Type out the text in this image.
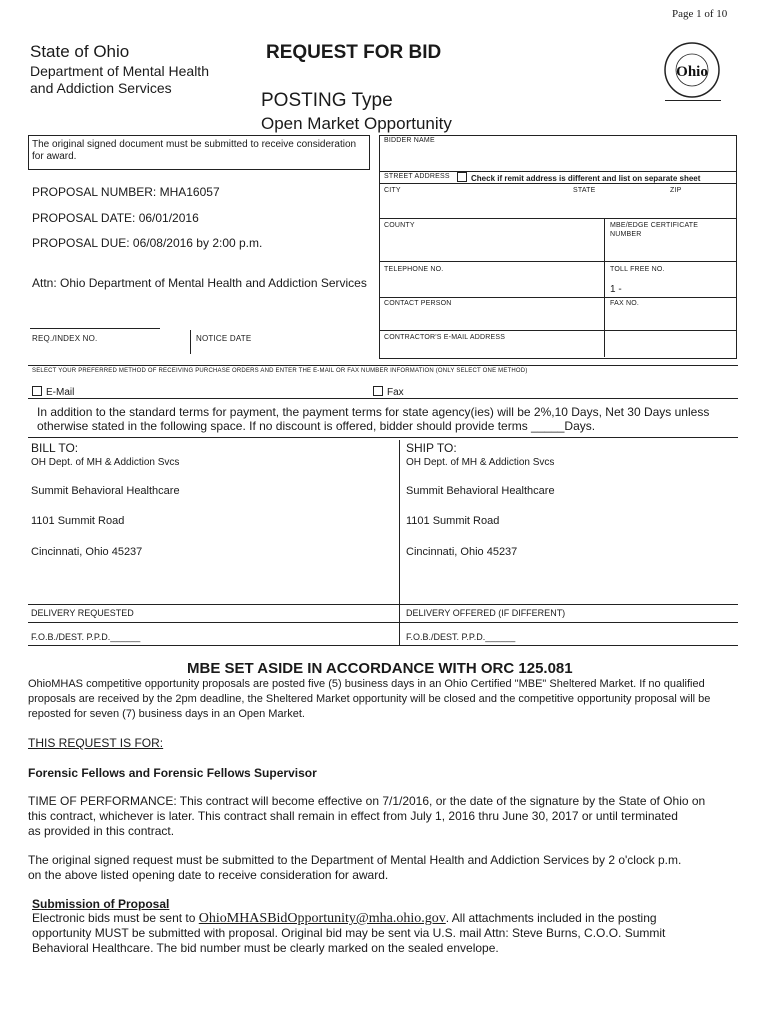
Page 1 of 10
State of Ohio
Department of Mental Health
and Addiction Services
REQUEST FOR BID
POSTING Type
Open Market Opportunity
Ohio
The original signed document must be submitted to receive consideration for award.
PROPOSAL NUMBER: MHA16057
PROPOSAL DATE: 06/01/2016
PROPOSAL DUE: 06/08/2016 by 2:00 p.m.
Attn: Ohio Department of Mental Health and Addiction Services
REQ./INDEX NO.	NOTICE DATE
BIDDER NAME
STREET ADDRESS	Check if remit address is different and list on separate sheet
CITY	STATE	ZIP
COUNTY	MBE/EDGE CERTIFICATE NUMBER
TELEPHONE NO.	TOLL FREE NO.
1 -
CONTACT PERSON	FAX NO.
CONTRACTOR'S E-MAIL ADDRESS
SELECT YOUR PREFERRED METHOD OF RECEIVING PURCHASE ORDERS AND ENTER THE E-MAIL OR FAX NUMBER INFORMATION (ONLY SELECT ONE METHOD)
E-Mail	Fax
In addition to the standard terms for payment, the payment terms for state agency(ies) will be 2%,10 Days, Net 30 Days unless
otherwise stated in the following space. If no discount is offered, bidder should provide terms _____Days.
BILL TO:
OH Dept. of MH & Addiction Svcs
Summit Behavioral Healthcare
1101 Summit Road
Cincinnati, Ohio 45237
SHIP TO:
OH Dept. of MH & Addiction Svcs
Summit Behavioral Healthcare
1101 Summit Road
Cincinnati, Ohio 45237
DELIVERY REQUESTED	DELIVERY OFFERED (IF DIFFERENT)
F.O.B./DEST. P.P.D.______	F.O.B./DEST. P.P.D.______
MBE SET ASIDE IN ACCORDANCE WITH ORC 125.081
OhioMHAS competitive opportunity proposals are posted five (5) business days in an Ohio Certified "MBE" Sheltered Market. If no qualified
proposals are received by the 2pm deadline, the Sheltered Market opportunity will be closed and the competitive opportunity proposal will be
reposted for seven (7) business days in an Open Market.
THIS REQUEST IS FOR:
Forensic Fellows and Forensic Fellows Supervisor
TIME OF PERFORMANCE: This contract will become effective on 7/1/2016, or the date of the signature by the State of Ohio on
this contract, whichever is later. This contract shall remain in effect from July 1, 2016 thru June 30, 2017 or until terminated
as provided in this contract.
The original signed request must be submitted to the Department of Mental Health and Addiction Services by 2 o'clock p.m.
on the above listed opening date to receive consideration for award.
Submission of Proposal
Electronic bids must be sent to OhioMHASBidOpportunity@mha.ohio.gov. All attachments included in the posting
opportunity MUST be submitted with proposal. Original bid may be sent via U.S. mail Attn: Steve Burns, C.O.O. Summit
Behavioral Healthcare. The bid number must be clearly marked on the sealed envelope.
